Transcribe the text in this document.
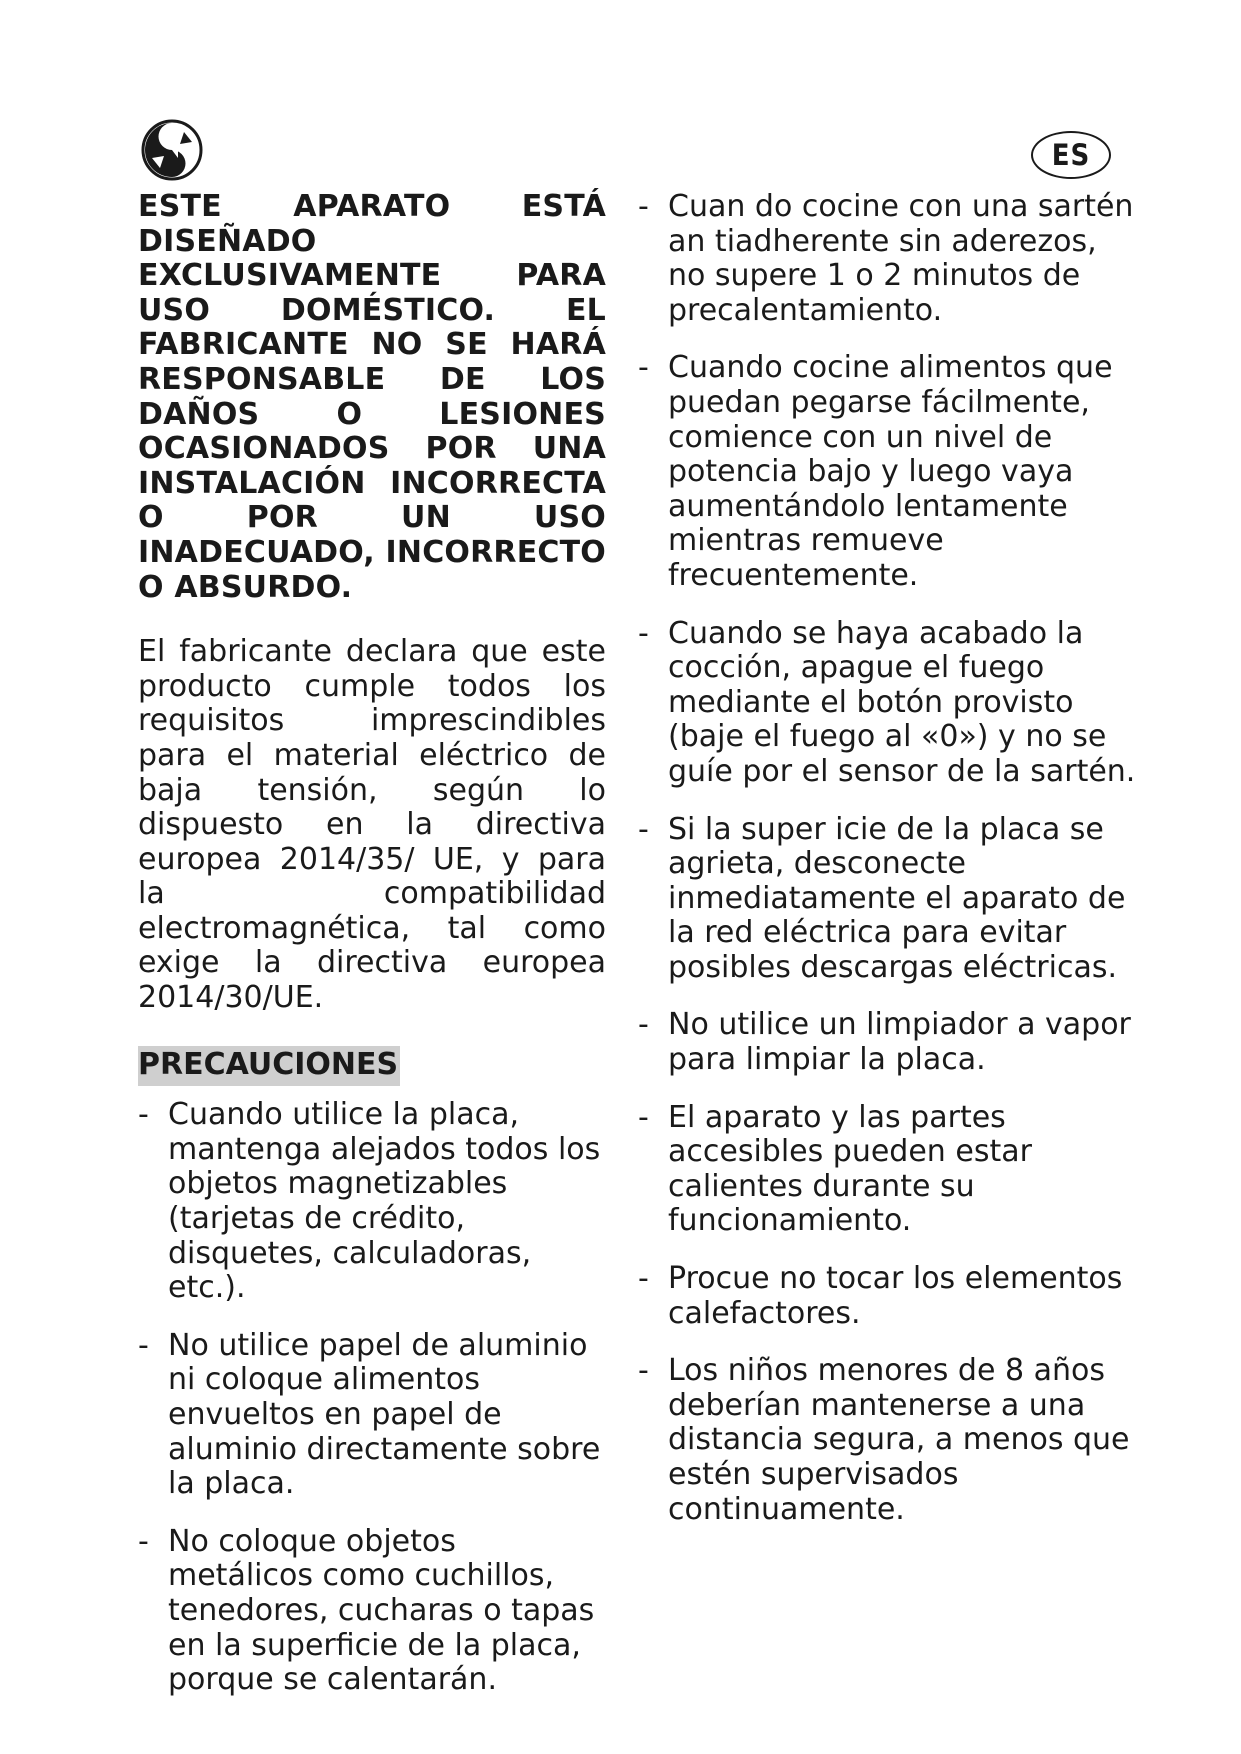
ES

ESTE APARATO ESTÁ DISEÑADO EXCLUSIVAMENTE PARA USO DOMÉSTICO. EL FABRICANTE NO SE HARÁ RESPONSABLE DE LOS DAÑOS O LESIONES OCASIONADOS POR UNA INSTALACIÓN INCORRECTA O POR UN USO INADECUADO, INCORRECTO O ABSURDO.

El fabricante declara que este producto cumple todos los requisitos imprescindibles para el material eléctrico de baja tensión, según lo dispuesto en la directiva europea 2014/35/ UE, y para la compatibilidad electromagnética, tal como exige la directiva europea 2014/30/UE.

PRECAUCIONES
- Cuando utilice la placa, mantenga alejados todos los objetos magnetizables (tarjetas de crédito, disquetes, calculadoras, etc.).
- No utilice papel de aluminio ni coloque alimentos envueltos en papel de aluminio directamente sobre la placa.
- No coloque objetos metálicos como cuchillos, tenedores, cucharas o tapas en la superficie de la placa, porque se calentarán.
- Cuan do cocine con una sartén an tiadherente sin aderezos, no supere 1 o 2 minutos de precalentamiento.
- Cuando cocine alimentos que puedan pegarse fácilmente, comience con un nivel de potencia bajo y luego vaya aumentándolo lentamente mientras remueve frecuentemente.
- Cuando se haya acabado la cocción, apague el fuego mediante el botón provisto (baje el fuego al «0») y no se guíe por el sensor de la sartén.
- Si la super icie de la placa se agrieta, desconecte inmediatamente el aparato de la red eléctrica para evitar posibles descargas eléctricas.
- No utilice un limpiador a vapor para limpiar la placa.
- El aparato y las partes accesibles pueden estar calientes durante su funcionamiento.
- Procue no tocar los elementos calefactores.
- Los niños menores de 8 años deberían mantenerse a una distancia segura, a menos que estén supervisados continuamente.
